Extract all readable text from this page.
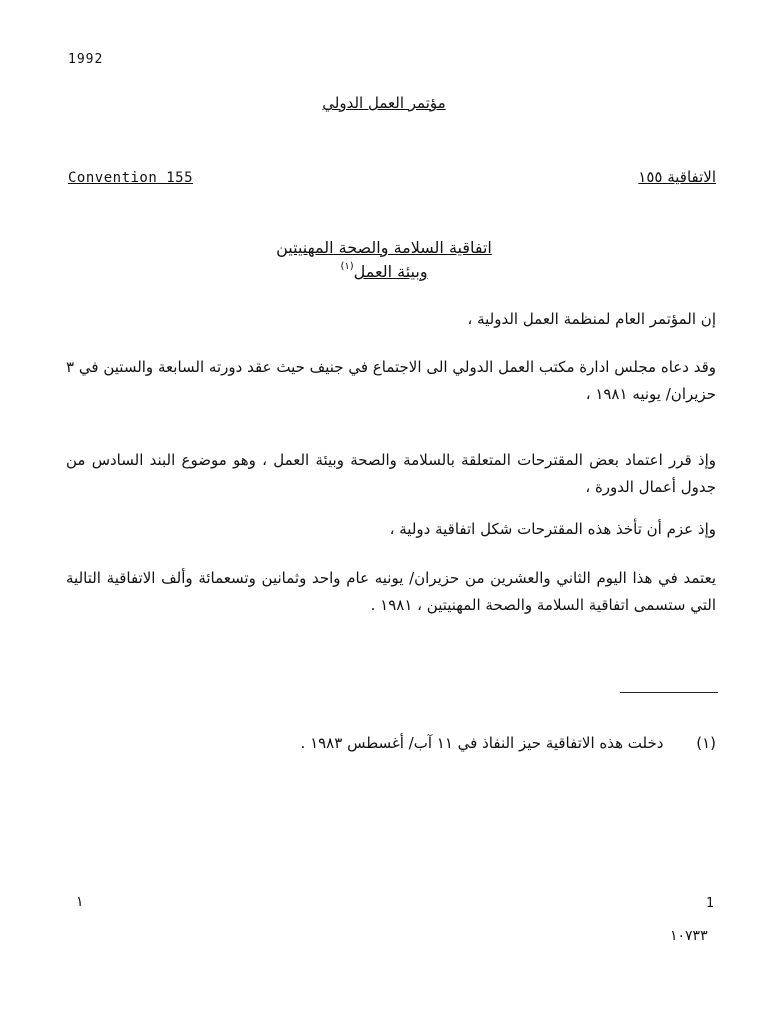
1992
مؤتمر العمل الدولي
Convention 155	الاتفاقية ١٥٥
اتفاقية السلامة والصحة المهنيتين
وبيئة العمل(١)
إن المؤتمر العام لمنظمة العمل الدولية ،
وقد دعاه مجلس ادارة مكتب العمل الدولي الى الاجتماع في جنيف حيث عقد دورته السابعة والستين في ٣ حزيران/ يونيه ١٩٨١ ،
وإذ قرر اعتماد بعض المقترحات المتعلقة بالسلامة والصحة وبيئة العمل ، وهو موضوع البند السادس من جدول أعمال الدورة ،
وإذ عزم أن تأخذ هذه المقترحات شكل اتفاقية دولية ،
يعتمد في هذا اليوم الثاني والعشرين من حزيران/ يونيه عام واحد وثمانين وتسعمائة وألف الاتفاقية التالية التي ستسمى اتفاقية السلامة والصحة المهنيتين ، ١٩٨١ .
(١) دخلت هذه الاتفاقية حيز النفاذ في ١١ آب/ أغسطس ١٩٨٣ .
١	1
١٠٧٣٣
